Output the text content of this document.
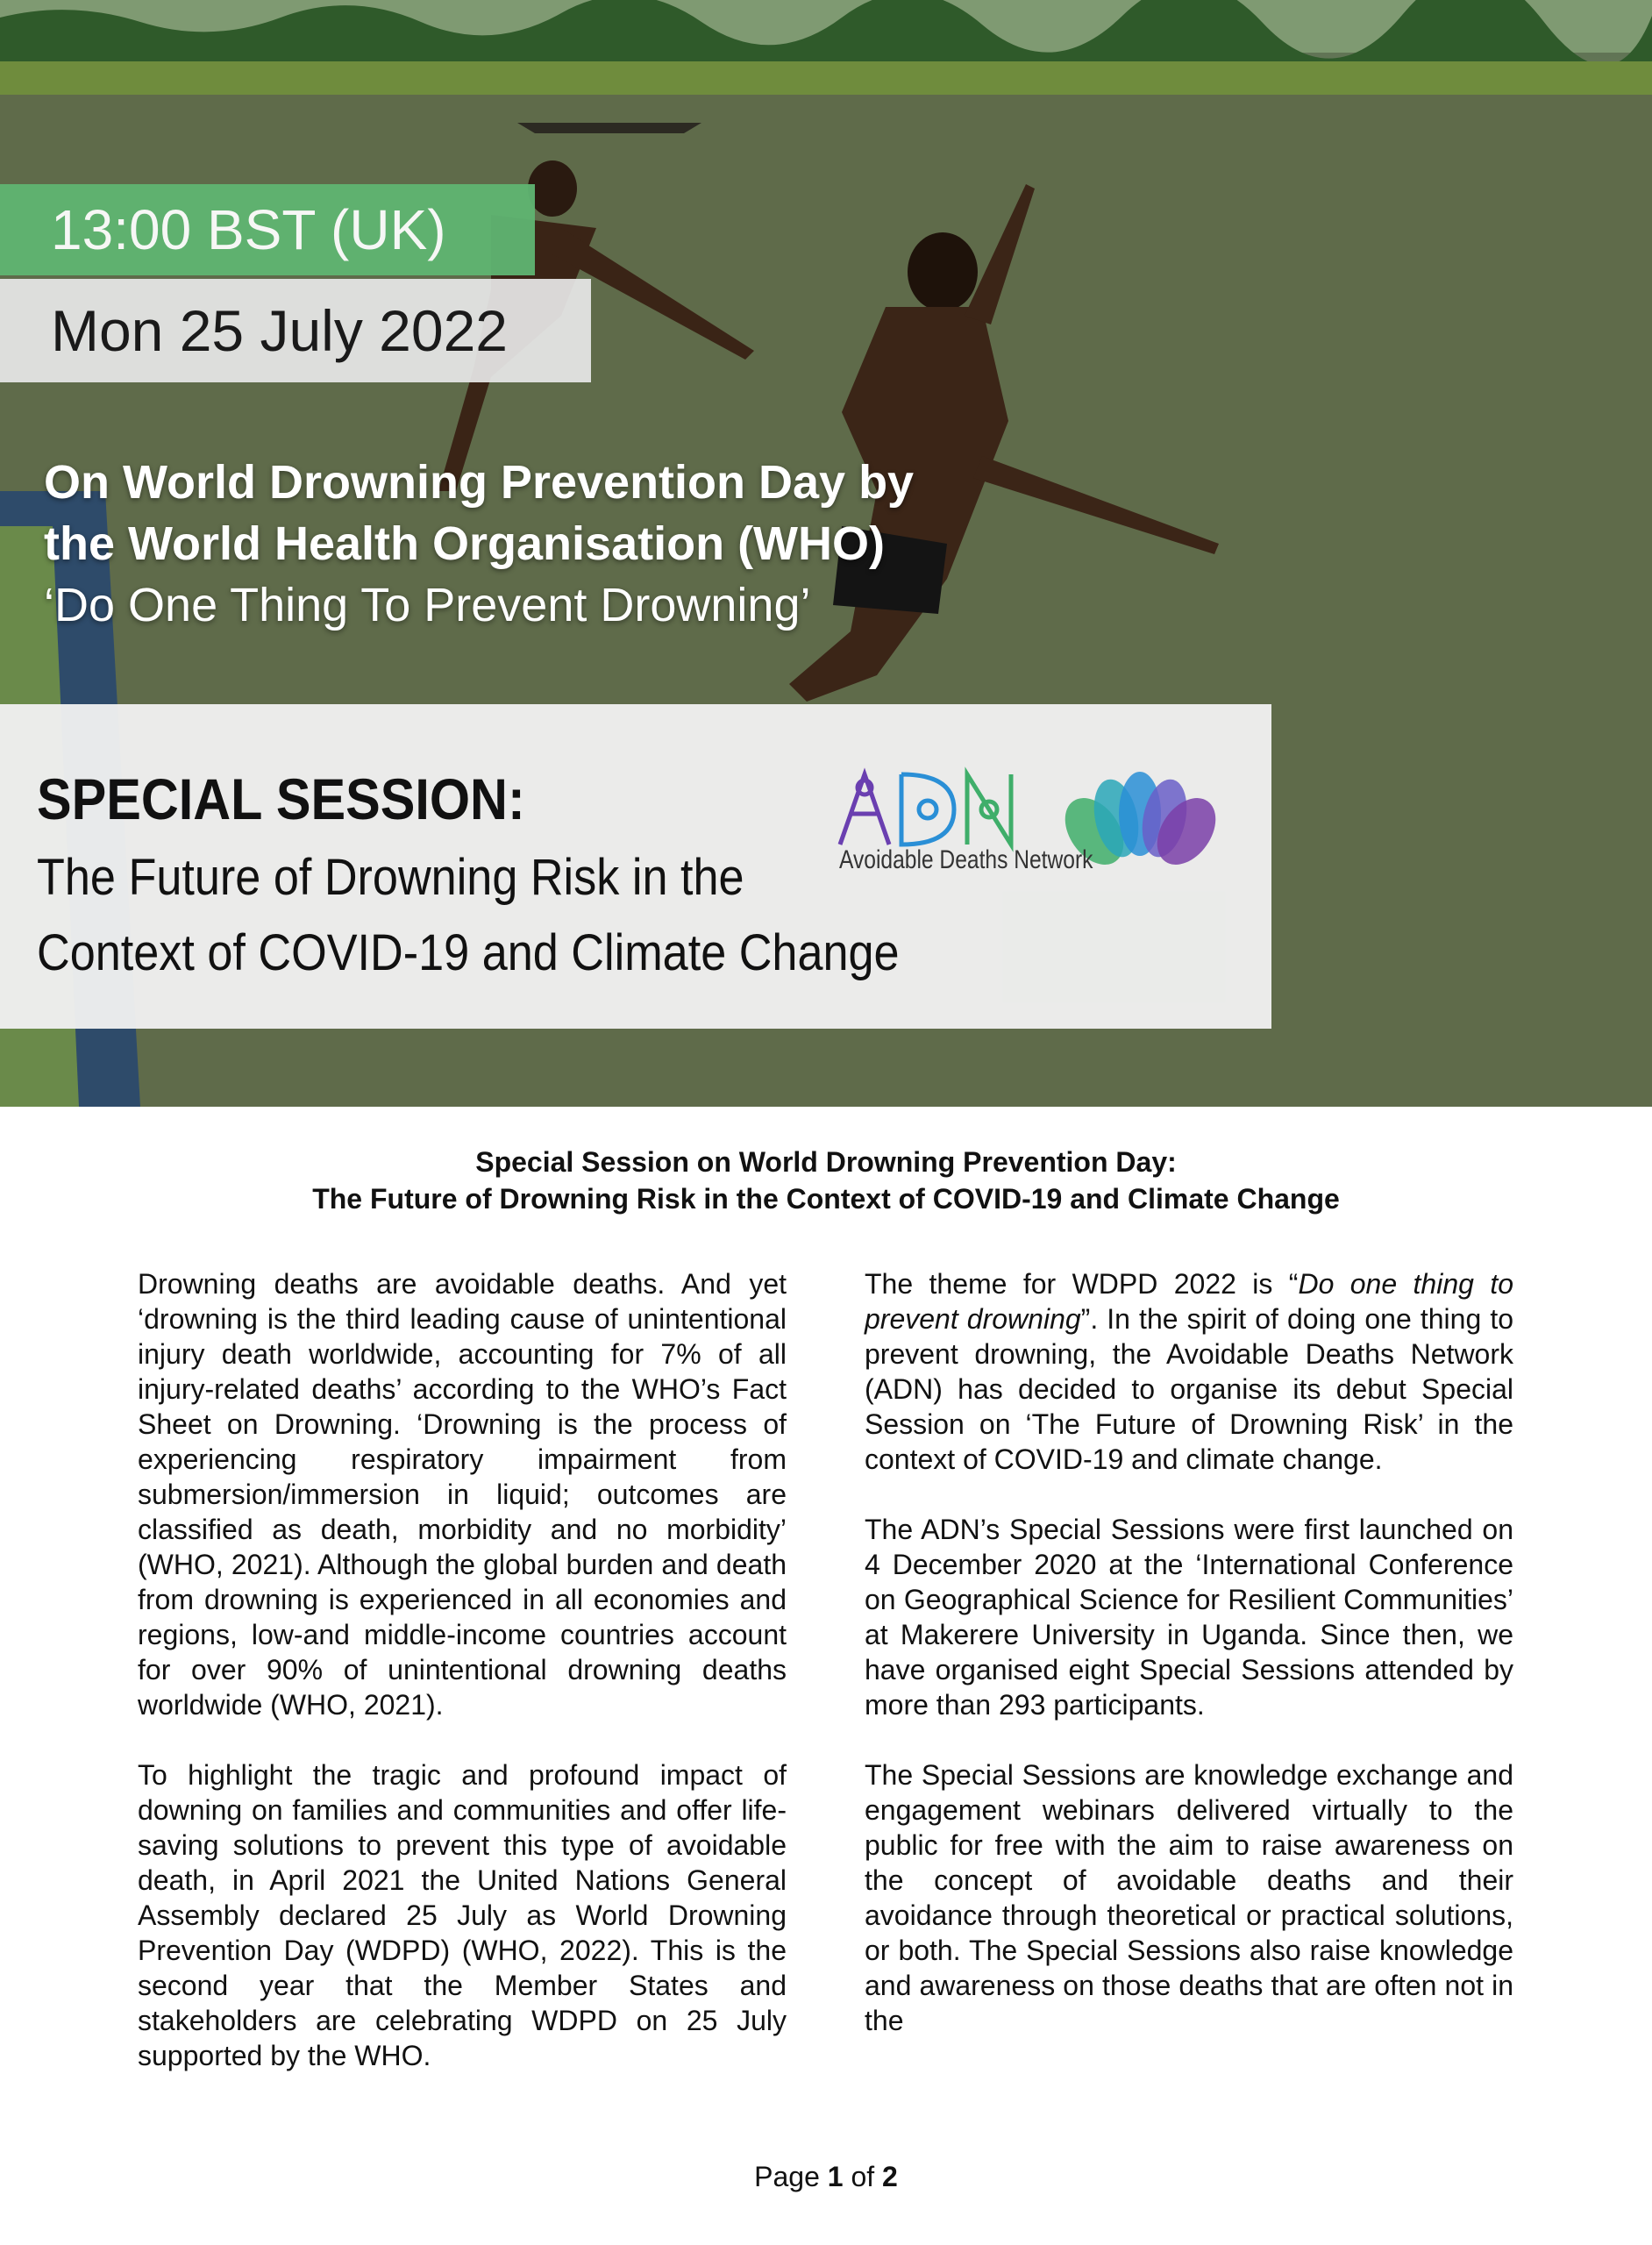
13:00 BST (UK)
Mon 25 July 2022
On World Drowning Prevention Day by
the World Health Organisation (WHO)
‘Do One Thing To Prevent Drowning’
SPECIAL SESSION:
The Future of Drowning Risk in the
Context of COVID-19 and Climate Change
Avoidable Deaths Network
Special Session on World Drowning Prevention Day:
The Future of Drowning Risk in the Context of COVID-19 and Climate Change

Drowning deaths are avoidable deaths. And yet ‘drowning is the third leading cause of unintentional injury death worldwide, accounting for 7% of all injury-related deaths’ according to the WHO’s Fact Sheet on Drowning. ‘Drowning is the process of experiencing respiratory impairment from submersion/immersion in liquid; outcomes are classified as death, morbidity and no morbidity’ (WHO, 2021). Although the global burden and death from drowning is experienced in all economies and regions, low-and middle-income countries account for over 90% of unintentional drowning deaths worldwide (WHO, 2021).

To highlight the tragic and profound impact of downing on families and communities and offer life-saving solutions to prevent this type of avoidable death, in April 2021 the United Nations General Assembly declared 25 July as World Drowning Prevention Day (WDPD) (WHO, 2022). This is the second year that the Member States and stakeholders are celebrating WDPD on 25 July supported by the WHO.

The theme for WDPD 2022 is “Do one thing to prevent drowning”. In the spirit of doing one thing to prevent drowning, the Avoidable Deaths Network (ADN) has decided to organise its debut Special Session on ‘The Future of Drowning Risk’ in the context of COVID-19 and climate change.

The ADN’s Special Sessions were first launched on 4 December 2020 at the ‘International Conference on Geographical Science for Resilient Communities’ at Makerere University in Uganda. Since then, we have organised eight Special Sessions attended by more than 293 participants.

The Special Sessions are knowledge exchange and engagement webinars delivered virtually to the public for free with the aim to raise awareness on the concept of avoidable deaths and their avoidance through theoretical or practical solutions, or both. The Special Sessions also raise knowledge and awareness on those deaths that are often not in the

Page 1 of 2
